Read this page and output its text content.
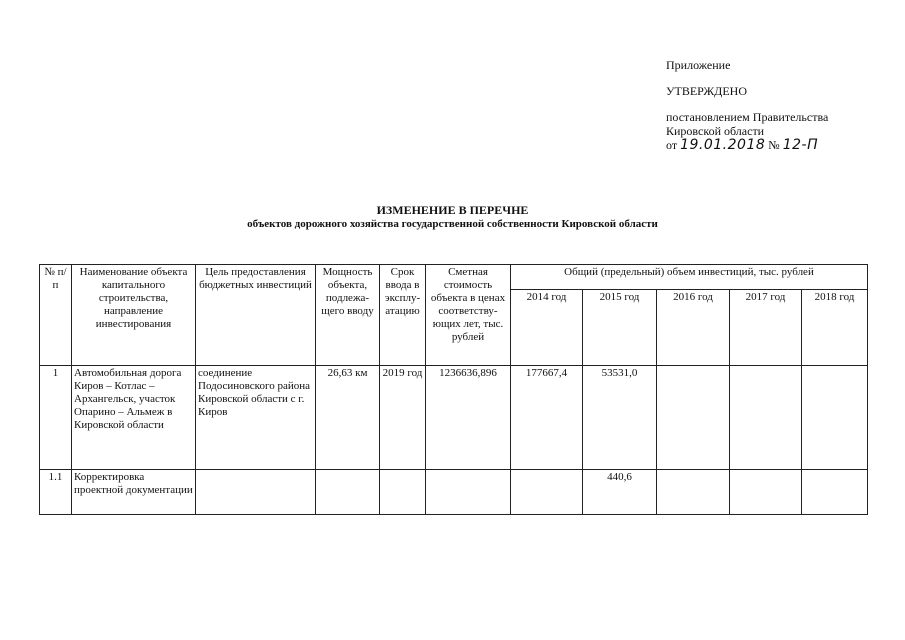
Приложение
УТВЕРЖДЕНО
постановлением Правительства
Кировской области
от 19.01.2018 № 12-П
ИЗМЕНЕНИЕ В ПЕРЕЧНЕ
объектов дорожного хозяйства государственной собственности Кировской области
№ п/п	Наименование объекта капитального строительства, направление инвестирования	Цель предоставления бюджетных инвестиций	Мощность объекта, подлежа-щего вводу	Срок ввода в эксплу-атацию	Сметная стоимость объекта в ценах соответству-ющих лет, тыс. рублей	Общий (предельный) объем инвестиций, тыс. рублей				
						2014 год	2015 год	2016 год	2017 год	2018 год
1	Автомобильная дорога Киров – Котлас – Архангельск, участок Опарино – Альмеж в Кировской области	соединение Подосиновского района Кировской области с г. Киров	26,63 км	2019 год	1236636,896	177667,4	53531,0			
1.1	Корректировка проектной документации						440,6			
